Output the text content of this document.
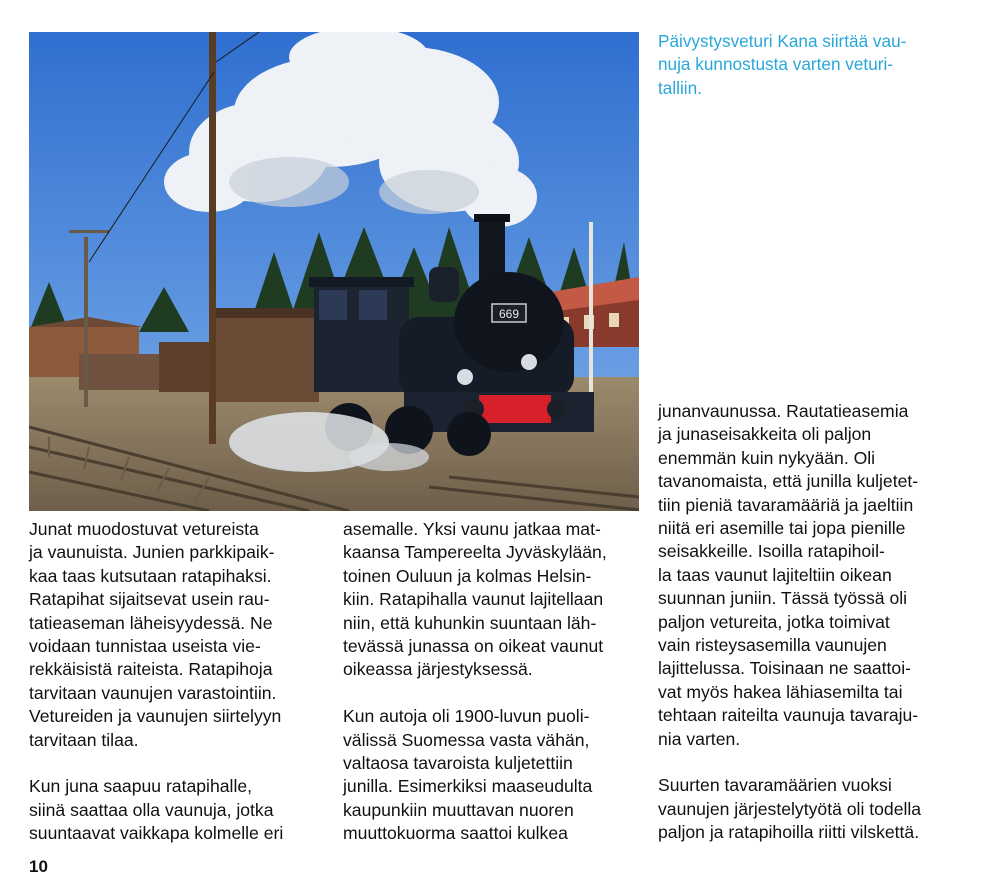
669

Päivystysveturi Kana siirtää vau-
nuja kunnostusta varten veturi-
talliin.

Junat muodostuvat vetureista
ja vaunuista. Junien parkkipaik-
kaa taas kutsutaan ratapihaksi.
Ratapihat sijaitsevat usein rau-
tatieaseman läheisyydessä. Ne
voidaan tunnistaa useista vie-
rekkäisistä raiteista. Ratapihoja
tarvitaan vaunujen varastointiin.
Vetureiden ja vaunujen siirtelyyn
tarvitaan tilaa.

Kun juna saapuu ratapihalle,
siinä saattaa olla vaunuja, jotka
suuntaavat vaikkapa kolmelle eri

asemalle. Yksi vaunu jatkaa mat-
kaansa Tampereelta Jyväskylään,
toinen Ouluun ja kolmas Helsin-
kiin. Ratapihalla vaunut lajitellaan
niin, että kuhunkin suuntaan läh-
tevässä junassa on oikeat vaunut
oikeassa järjestyksessä.

Kun autoja oli 1900-luvun puoli-
välissä Suomessa vasta vähän,
valtaosa tavaroista kuljetettiin
junilla. Esimerkiksi maaseudulta
kaupunkiin muuttavan nuoren
muuttokuorma saattoi kulkea

junanvaunussa. Rautatieasemia
ja junaseisakkeita oli paljon
enemmän kuin nykyään. Oli
tavanomaista, että junilla kuljetet-
tiin pieniä tavaramääriä ja jaeltiin
niitä eri asemille tai jopa pienille
seisakkeille. Isoilla ratapihoil-
la taas vaunut lajiteltiin oikean
suunnan juniin. Tässä työssä oli
paljon vetureita, jotka toimivat
vain risteysasemilla vaunujen
lajittelussa. Toisinaan ne saattoi-
vat myös hakea lähiasemilta tai
tehtaan raiteilta vaunuja tavaraju-
nia varten.

Suurten tavaramäärien vuoksi
vaunujen järjestelytyötä oli todella
paljon ja ratapihoilla riitti vilskettä.

10
